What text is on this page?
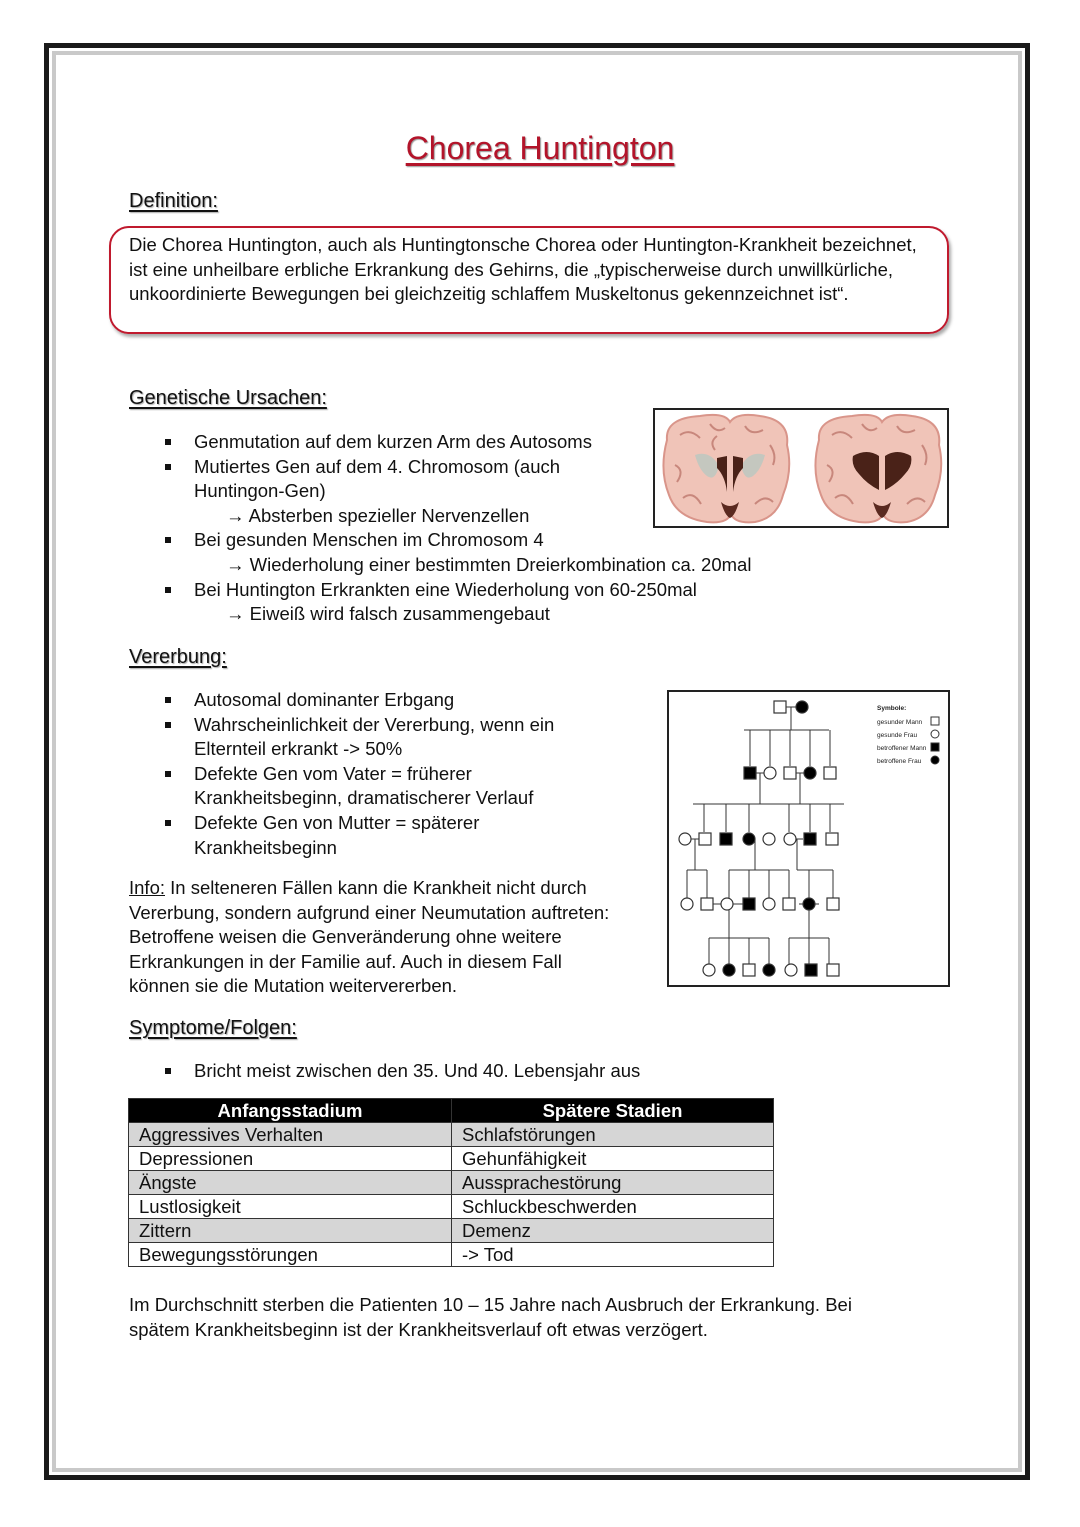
Chorea Huntington
Definition:
Die Chorea Huntington, auch als Huntingtonsche Chorea oder Huntington-Krankheit bezeichnet, ist eine unheilbare erbliche Erkrankung des Gehirns, die „typischerweise durch unwillkürliche, unkoordinierte Bewegungen bei gleichzeitig schlaffem Muskeltonus gekennzeichnet ist“.
Genetische Ursachen:
Genmutation auf dem kurzen Arm des Autosoms
Mutiertes Gen auf dem 4. Chromosom (auch
Huntingon-Gen)
→ Absterben spezieller Nervenzellen
Bei gesunden Menschen im Chromosom 4
→ Wiederholung einer bestimmten Dreierkombination ca. 20mal
Bei Huntington Erkrankten eine Wiederholung von 60-250mal
→ Eiweiß wird falsch zusammengebaut
Vererbung:
Autosomal dominanter Erbgang
Wahrscheinlichkeit der Vererbung, wenn ein
Elternteil erkrankt -> 50%
Defekte Gen vom Vater = früherer
Krankheitsbeginn, dramatischerer Verlauf
Defekte Gen von Mutter = späterer
Krankheitsbeginn
Info: In selteneren Fällen kann die Krankheit nicht durch
Vererbung, sondern aufgrund einer Neumutation auftreten:
Betroffene weisen die Genveränderung ohne weitere
Erkrankungen in der Familie auf. Auch in diesem Fall
können sie die Mutation weitervererben.
Symbole:
gesunder Mann
gesunde Frau
betroffener Mann
betroffene Frau
Symptome/Folgen:
Bricht meist zwischen den 35. Und 40. Lebensjahr aus
Anfangsstadium	Spätere Stadien
Aggressives Verhalten	Schlafstörungen
Depressionen	Gehunfähigkeit
Ängste	Aussprachestörung
Lustlosigkeit	Schluckbeschwerden
Zittern	Demenz
Bewegungsstörungen	-> Tod
Im Durchschnitt sterben die Patienten 10 – 15 Jahre nach Ausbruch der Erkrankung. Bei
spätem Krankheitsbeginn ist der Krankheitsverlauf oft etwas verzögert.
